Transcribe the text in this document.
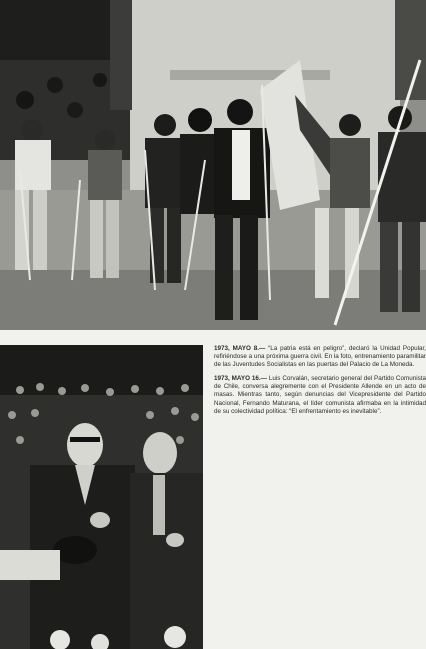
1973, MAYO 8.— “La patria está en peligro”, declaró la Unidad Popular, refiriéndose a una próxima guerra civil. En la foto, entrenamiento paramilitar de las Juventudes Socialistas en las puertas del Palacio de La Moneda.

1973, MAYO 16.— Luis Corvalán, secretario general del Partido Comunista de Chile, conversa alegremente con el Presidente Allende en un acto de masas. Mientras tanto, según denuncias del Vicepresidente del Partido Nacional, Fernando Maturana, el líder comunista afirmaba en la intimidad de su colectividad política: “El enfrentamiento es inevitable”.
